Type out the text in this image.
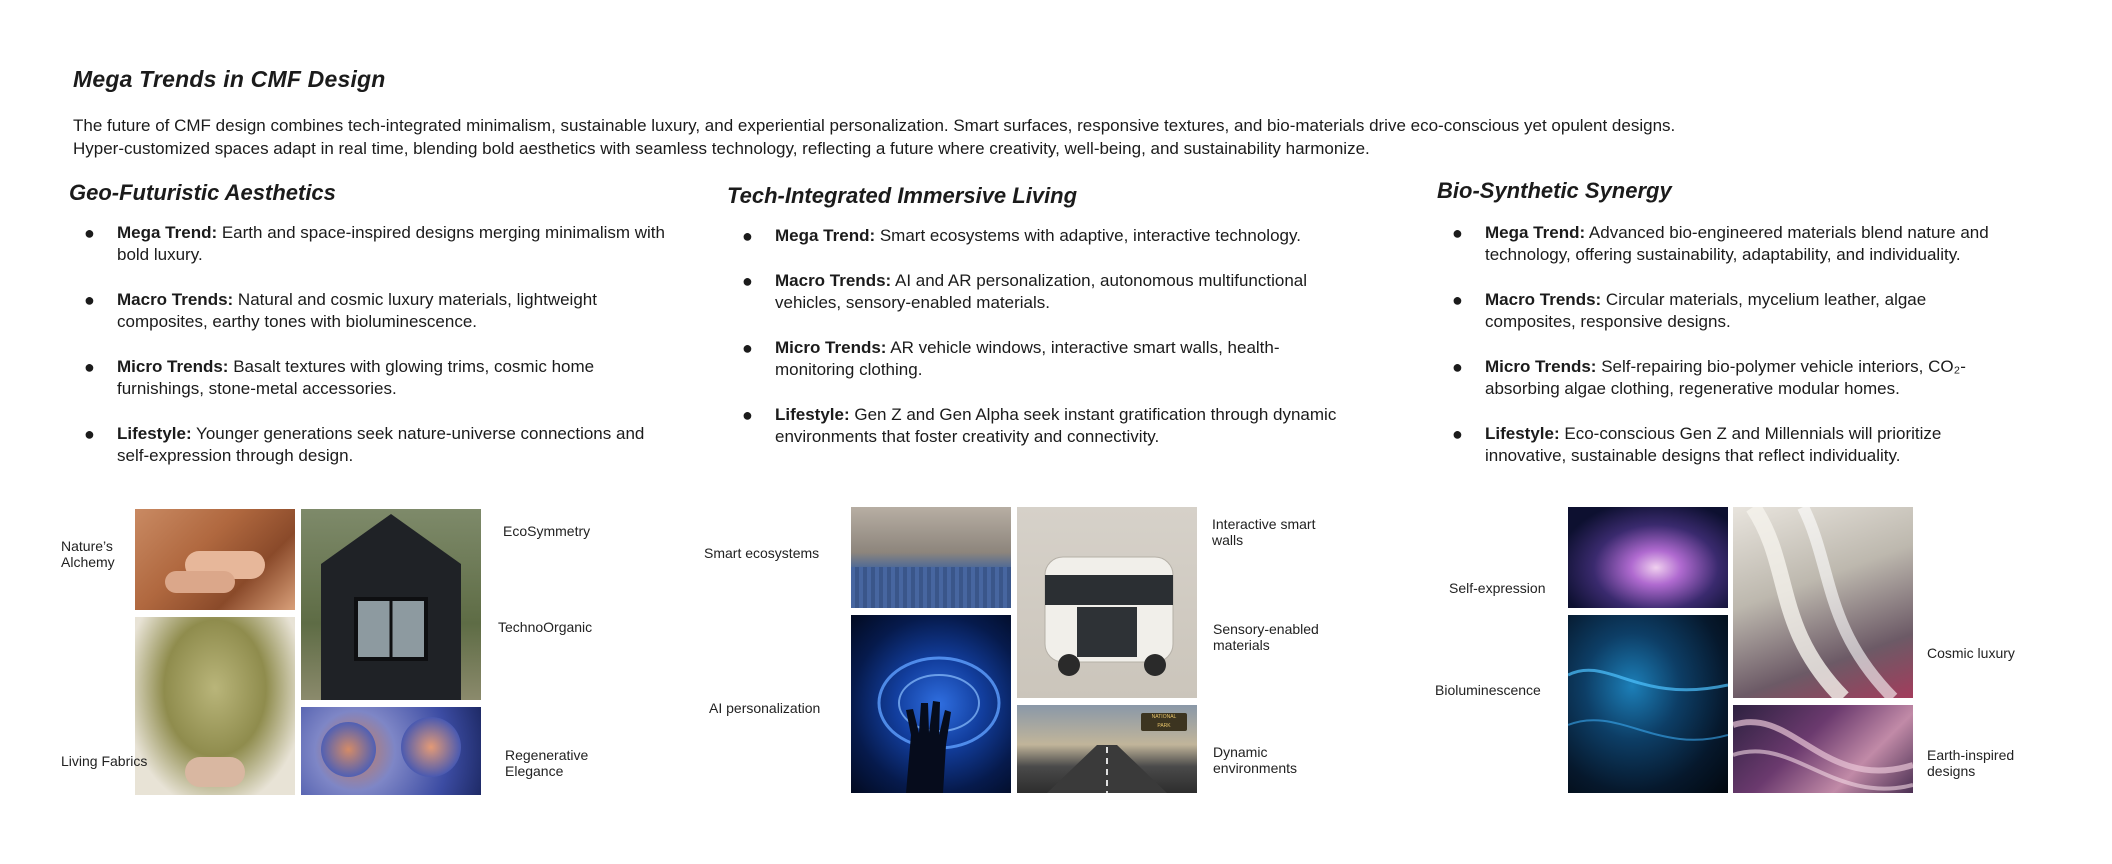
Mega Trends in CMF Design
The future of CMF design combines tech-integrated minimalism, sustainable luxury, and experiential personalization. Smart surfaces, responsive textures, and bio-materials drive eco-conscious yet opulent designs.
Hyper-customized spaces adapt in real time, blending bold aesthetics with seamless technology, reflecting a future where creativity, well-being, and sustainability harmonize.
Geo-Futuristic Aesthetics
● Mega Trend: Earth and space-inspired designs merging minimalism with bold luxury.
● Macro Trends: Natural and cosmic luxury materials, lightweight composites, earthy tones with bioluminescence.
● Micro Trends: Basalt textures with glowing trims, cosmic home furnishings, stone-metal accessories.
● Lifestyle: Younger generations seek nature-universe connections and self-expression through design.
Nature’s
Alchemy
Living Fabrics
EcoSymmetry
TechnoOrganic
Regenerative
Elegance
Tech-Integrated Immersive Living
● Mega Trend: Smart ecosystems with adaptive, interactive technology.
● Macro Trends: AI and AR personalization, autonomous multifunctional vehicles, sensory-enabled materials.
● Micro Trends: AR vehicle windows, interactive smart walls, health-monitoring clothing.
● Lifestyle: Gen Z and Gen Alpha seek instant gratification through dynamic environments that foster creativity and connectivity.
NATIONAL
PARK
Smart ecosystems
AI personalization
Interactive smart
walls
Sensory-enabled
materials
Dynamic
environments
Bio-Synthetic Synergy
● Mega Trend: Advanced bio-engineered materials blend nature and technology, offering sustainability, adaptability, and individuality.
● Macro Trends: Circular materials, mycelium leather, algae composites, responsive designs.
● Micro Trends: Self-repairing bio-polymer vehicle interiors, CO₂-absorbing algae clothing, regenerative modular homes.
● Lifestyle: Eco-conscious Gen Z and Millennials will prioritize innovative, sustainable designs that reflect individuality.
Self-expression
Bioluminescence
Cosmic luxury
Earth-inspired
designs
